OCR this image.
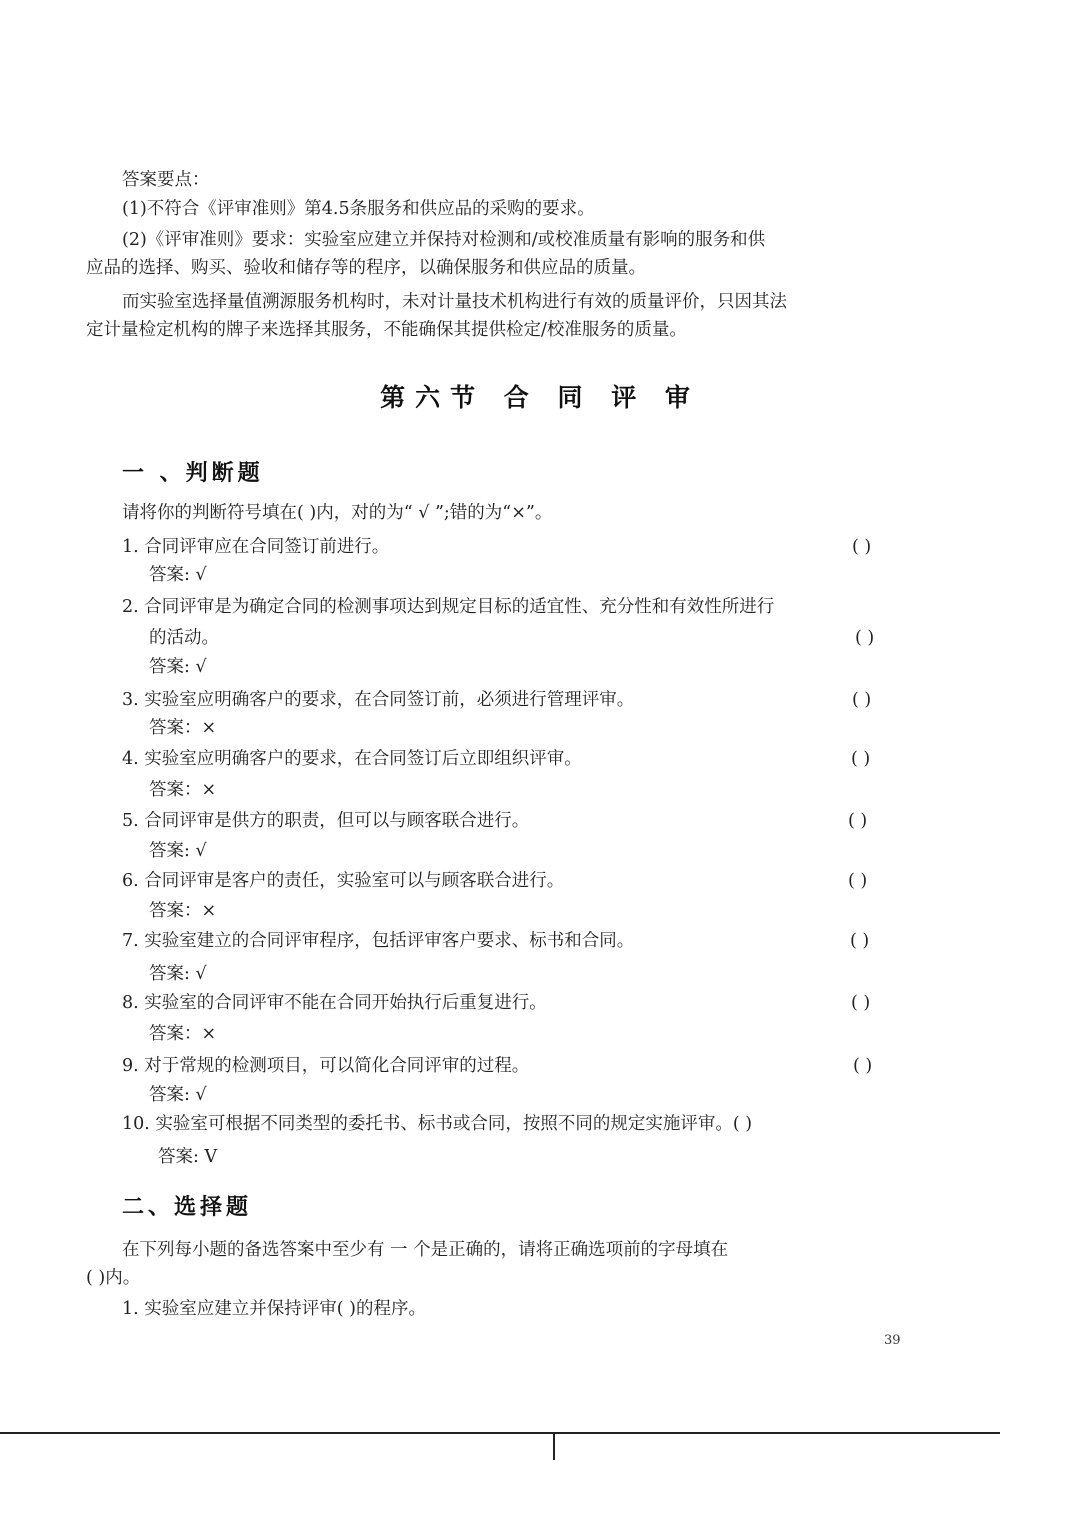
答案要点：
(1)不符合《评审准则》第4.5条服务和供应品的采购的要求。
(2)《评审准则》要求：实验室应建立并保持对检测和/或校准质量有影响的服务和供
应品的选择、购买、验收和储存等的程序，以确保服务和供应品的质量。
而实验室选择量值溯源服务机构时，未对计量技术机构进行有效的质量评价，只因其法
定计量检定机构的牌子来选择其服务，不能确保其提供检定/校准服务的质量。
第六节 合 同 评 审
一 、判断题
请将你的判断符号填在( )内，对的为“ √ ”;错的为“×”。
1. 合同评审应在合同签订前进行。	( )
答案: √
2. 合同评审是为确定合同的检测事项达到规定目标的适宜性、充分性和有效性所进行
的活动。	( )
答案: √
3. 实验室应明确客户的要求，在合同签订前，必须进行管理评审。	( )
答案：×
4. 实验室应明确客户的要求，在合同签订后立即组织评审。	( )
答案：×
5. 合同评审是供方的职责，但可以与顾客联合进行。	( )
答案: √
6. 合同评审是客户的责任，实验室可以与顾客联合进行。	( )
答案：×
7. 实验室建立的合同评审程序，包括评审客户要求、标书和合同。	( )
答案: √
8. 实验室的合同评审不能在合同开始执行后重复进行。	( )
答案：×
9. 对于常规的检测项目，可以简化合同评审的过程。	( )
答案: √
10. 实验室可根据不同类型的委托书、标书或合同，按照不同的规定实施评审。( )
答案: V
二、选择题
在下列每小题的备选答案中至少有 一 个是正确的，请将正确选项前的字母填在
( )内。
1. 实验室应建立并保持评审( )的程序。
39
